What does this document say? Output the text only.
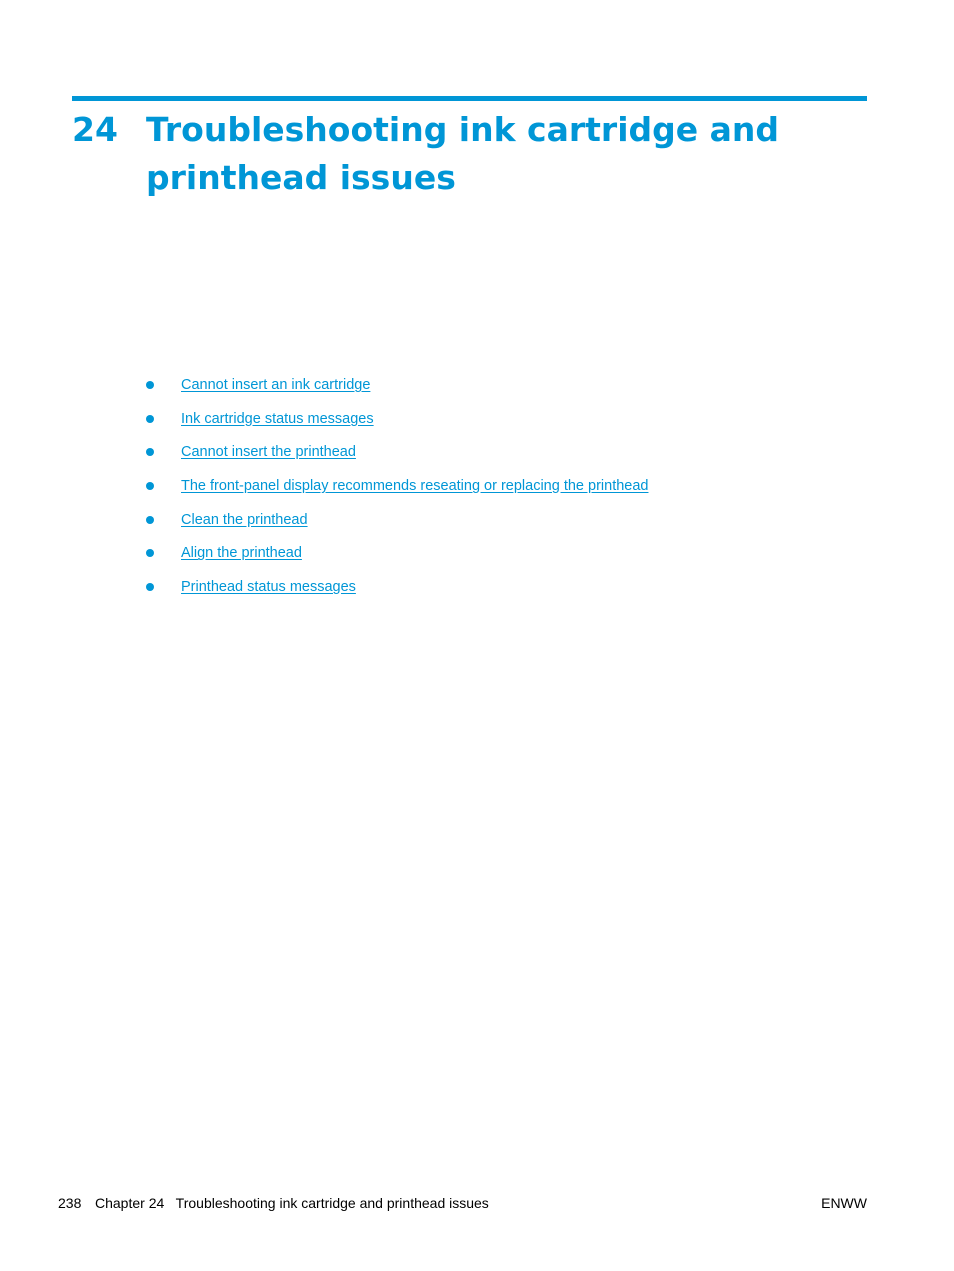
24 Troubleshooting ink cartridge and printhead issues
Cannot insert an ink cartridge
Ink cartridge status messages
Cannot insert the printhead
The front-panel display recommends reseating or replacing the printhead
Clean the printhead
Align the printhead
Printhead status messages
238 Chapter 24   Troubleshooting ink cartridge and printhead issues	ENWW
